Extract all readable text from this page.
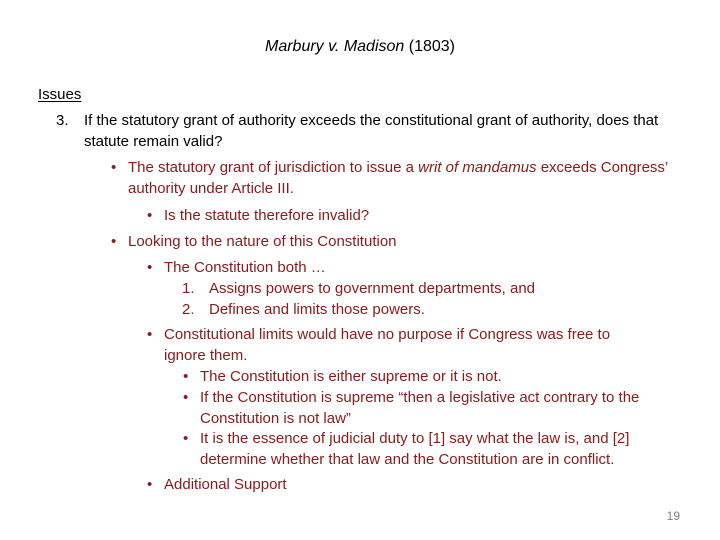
Marbury v. Madison (1803)
Issues
3. If the statutory grant of authority exceeds the constitutional grant of authority, does that statute remain valid?
• The statutory grant of jurisdiction to issue a writ of mandamus exceeds Congress’ authority under Article III.
• Is the statute therefore invalid?
• Looking to the nature of this Constitution
• The Constitution both …
1. Assigns powers to government departments, and
2. Defines and limits those powers.
• Constitutional limits would have no purpose if Congress was free to ignore them.
• The Constitution is either supreme or it is not.
• If the Constitution is supreme “then a legislative act contrary to the Constitution is not law”
• It is the essence of judicial duty to [1] say what the law is, and [2] determine whether that law and the Constitution are in conflict.
• Additional Support
19
